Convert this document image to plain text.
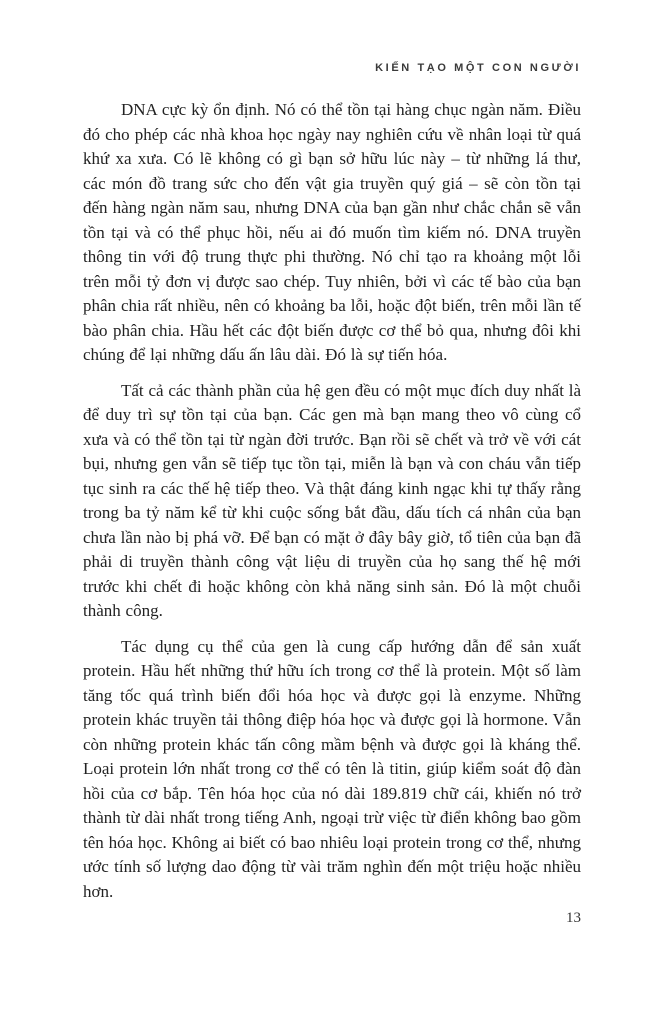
KIẾN TẠO MỘT CON NGƯỜI

DNA cực kỳ ổn định. Nó có thể tồn tại hàng chục ngàn năm. Điều đó cho phép các nhà khoa học ngày nay nghiên cứu về nhân loại từ quá khứ xa xưa. Có lẽ không có gì bạn sở hữu lúc này – từ những lá thư, các món đồ trang sức cho đến vật gia truyền quý giá – sẽ còn tồn tại đến hàng ngàn năm sau, nhưng DNA của bạn gần như chắc chắn sẽ vẫn tồn tại và có thể phục hồi, nếu ai đó muốn tìm kiếm nó. DNA truyền thông tin với độ trung thực phi thường. Nó chỉ tạo ra khoảng một lỗi trên mỗi tỷ đơn vị được sao chép. Tuy nhiên, bởi vì các tế bào của bạn phân chia rất nhiều, nên có khoảng ba lỗi, hoặc đột biến, trên mỗi lần tế bào phân chia. Hầu hết các đột biến được cơ thể bỏ qua, nhưng đôi khi chúng để lại những dấu ấn lâu dài. Đó là sự tiến hóa.

Tất cả các thành phần của hệ gen đều có một mục đích duy nhất là để duy trì sự tồn tại của bạn. Các gen mà bạn mang theo vô cùng cổ xưa và có thể tồn tại từ ngàn đời trước. Bạn rồi sẽ chết và trở về với cát bụi, nhưng gen vẫn sẽ tiếp tục tồn tại, miễn là bạn và con cháu vẫn tiếp tục sinh ra các thế hệ tiếp theo. Và thật đáng kinh ngạc khi tự thấy rằng trong ba tỷ năm kể từ khi cuộc sống bắt đầu, dấu tích cá nhân của bạn chưa lần nào bị phá vỡ. Để bạn có mặt ở đây bây giờ, tổ tiên của bạn đã phải di truyền thành công vật liệu di truyền của họ sang thế hệ mới trước khi chết đi hoặc không còn khả năng sinh sản. Đó là một chuỗi thành công.

Tác dụng cụ thể của gen là cung cấp hướng dẫn để sản xuất protein. Hầu hết những thứ hữu ích trong cơ thể là protein. Một số làm tăng tốc quá trình biến đổi hóa học và được gọi là enzyme. Những protein khác truyền tải thông điệp hóa học và được gọi là hormone. Vẫn còn những protein khác tấn công mầm bệnh và được gọi là kháng thể. Loại protein lớn nhất trong cơ thể có tên là titin, giúp kiểm soát độ đàn hồi của cơ bắp. Tên hóa học của nó dài 189.819 chữ cái, khiến nó trở thành từ dài nhất trong tiếng Anh, ngoại trừ việc từ điển không bao gồm tên hóa học. Không ai biết có bao nhiêu loại protein trong cơ thể, nhưng ước tính số lượng dao động từ vài trăm nghìn đến một triệu hoặc nhiều hơn.

13
